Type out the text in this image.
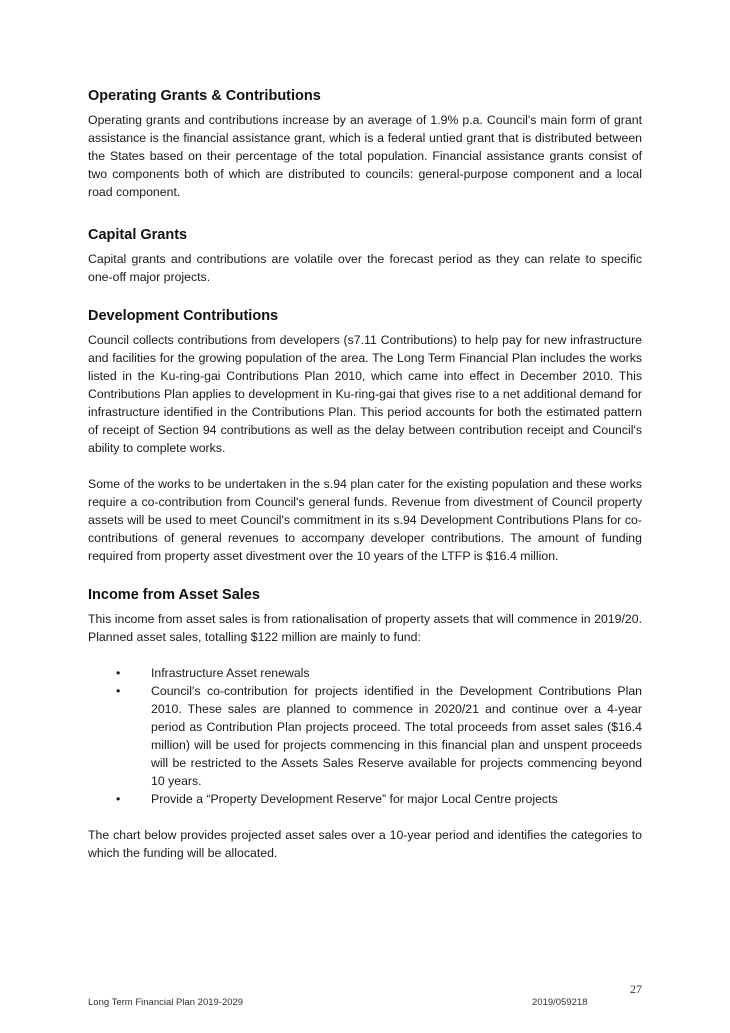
Operating Grants & Contributions

Operating grants and contributions increase by an average of 1.9% p.a. Council's main form of grant assistance is the financial assistance grant, which is a federal untied grant that is distributed between the States based on their percentage of the total population. Financial assistance grants consist of two components both of which are distributed to councils: general-purpose component and a local road component.

Capital Grants

Capital grants and contributions are volatile over the forecast period as they can relate to specific one-off major projects.

Development Contributions

Council collects contributions from developers (s7.11 Contributions) to help pay for new infrastructure and facilities for the growing population of the area. The Long Term Financial Plan includes the works listed in the Ku-ring-gai Contributions Plan 2010, which came into effect in December 2010. This Contributions Plan applies to development in Ku-ring-gai that gives rise to a net additional demand for infrastructure identified in the Contributions Plan. This period accounts for both the estimated pattern of receipt of Section 94 contributions as well as the delay between contribution receipt and Council's ability to complete works.

Some of the works to be undertaken in the s.94 plan cater for the existing population and these works require a co-contribution from Council's general funds. Revenue from divestment of Council property assets will be used to meet Council's commitment in its s.94 Development Contributions Plans for co-contributions of general revenues to accompany developer contributions. The amount of funding required from property asset divestment over the 10 years of the LTFP is $16.4 million.

Income from Asset Sales

This income from asset sales is from rationalisation of property assets that will commence in 2019/20. Planned asset sales, totalling $122 million are mainly to fund:

• Infrastructure Asset renewals
• Council's co-contribution for projects identified in the Development Contributions Plan 2010. These sales are planned to commence in 2020/21 and continue over a 4-year period as Contribution Plan projects proceed. The total proceeds from asset sales ($16.4 million) will be used for projects commencing in this financial plan and unspent proceeds will be restricted to the Assets Sales Reserve available for projects commencing beyond 10 years.
• Provide a “Property Development Reserve” for major Local Centre projects

The chart below provides projected asset sales over a 10-year period and identifies the categories to which the funding will be allocated.

27
Long Term Financial Plan 2019-2029	2019/059218
